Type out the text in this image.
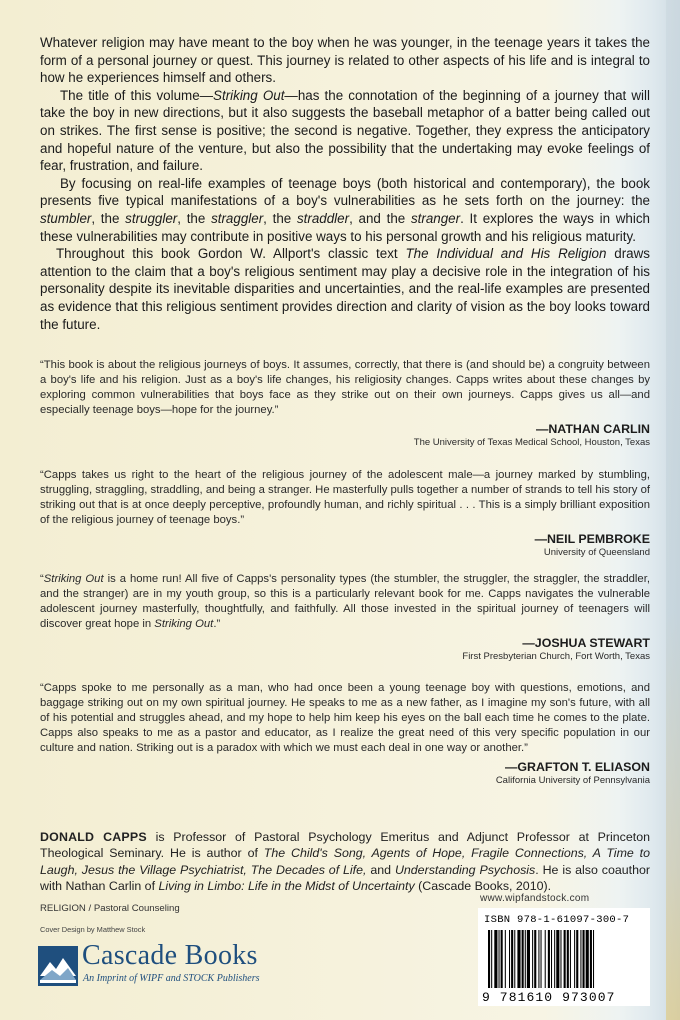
Whatever religion may have meant to the boy when he was younger, in the teenage years it takes the form of a personal journey or quest. This journey is related to other aspects of his life and is integral to how he experiences himself and others.

The title of this volume—Striking Out—has the connotation of the beginning of a journey that will take the boy in new directions, but it also suggests the baseball metaphor of a batter being called out on strikes. The first sense is positive; the second is negative. Together, they express the anticipatory and hopeful nature of the venture, but also the possibility that the undertaking may evoke feelings of fear, frustration, and failure.

By focusing on real-life examples of teenage boys (both historical and contemporary), the book presents five typical manifestations of a boy's vulnerabilities as he sets forth on the journey: the stumbler, the struggler, the straggler, the straddler, and the stranger. It explores the ways in which these vulnerabilities may contribute in positive ways to his personal growth and his religious maturity.

Throughout this book Gordon W. Allport's classic text The Individual and His Religion draws attention to the claim that a boy's religious sentiment may play a decisive role in the integration of his personality despite its inevitable disparities and uncertainties, and the real-life examples are presented as evidence that this religious sentiment provides direction and clarity of vision as the boy looks toward the future.

“ This book is about the religious journeys of boys. It assumes, correctly, that there is (and should be) a congruity between a boy's life and his religion. Just as a boy's life changes, his religiosity changes. Capps writes about these changes by exploring common vulnerabilities that boys face as they strike out on their own journeys. Capps gives us all—and especially teenage boys—hope for the journey. ”

—NATHAN CARLIN
The University of Texas Medical School, Houston, Texas

“ Capps takes us right to the heart of the religious journey of the adolescent male—a journey marked by stumbling, struggling, straggling, straddling, and being a stranger. He masterfully pulls together a number of strands to tell his story of striking out that is at once deeply perceptive, profoundly human, and richly spiritual . . . This is a simply brilliant exposition of the religious journey of teenage boys. ”

—NEIL PEMBROKE
University of Queensland

“ Striking Out is a home run! All five of Capps's personality types (the stumbler, the struggler, the straggler, the straddler, and the stranger) are in my youth group, so this is a particularly relevant book for me. Capps navigates the vulnerable adolescent journey masterfully, thoughtfully, and faithfully. All those invested in the spiritual journey of teenagers will discover great hope in Striking Out. ”

—JOSHUA STEWART
First Presbyterian Church, Fort Worth, Texas

“ Capps spoke to me personally as a man, who had once been a young teenage boy with questions, emotions, and baggage striking out on my own spiritual journey. He speaks to me as a new father, as I imagine my son's future, with all of his potential and struggles ahead, and my hope to help him keep his eyes on the ball each time he comes to the plate. Capps also speaks to me as a pastor and educator, as I realize the great need of this very specific population in our culture and nation. Striking out is a paradox with which we must each deal in one way or another. ”

—GRAFTON T. ELIASON
California University of Pennsylvania

DONALD CAPPS is Professor of Pastoral Psychology Emeritus and Adjunct Professor at Princeton Theological Seminary. He is author of The Child's Song, Agents of Hope, Fragile Connections, A Time to Laugh, Jesus the Village Psychiatrist, The Decades of Life, and Understanding Psychosis. He is also coauthor with Nathan Carlin of Living in Limbo: Life in the Midst of Uncertainty (Cascade Books, 2010).

RELIGION / Pastoral Counseling
Cover Design by Matthew Stock
Cascade Books
An Imprint of WIPF and STOCK Publishers
www.wipfandstock.com
ISBN 978-1-61097-300-7
9 781610 973007
